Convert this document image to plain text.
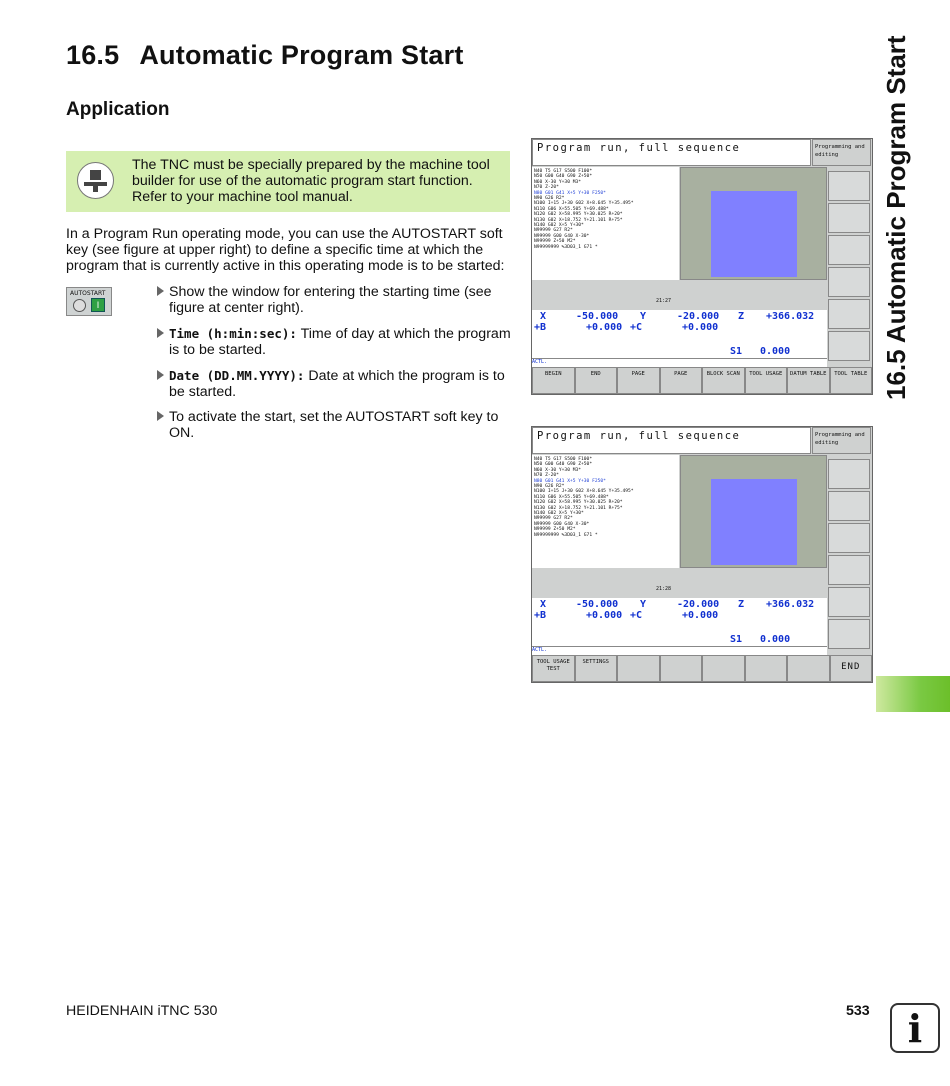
16.5 Automatic Program Start	16.5 Automatic Program Start
Application
The TNC must be specially prepared by the machine tool builder for use of the automatic program start function. Refer to your machine tool manual.
In a Program Run operating mode, you can use the AUTOSTART soft key (see figure at upper right) to define a specific time at which the program that is currently active in this operating mode is to be started:
AUTOSTART
I
Show the window for entering the starting time (see figure at center right).
Time (h:min:sec): Time of day at which the program is to be started.
Date (DD.MM.YYYY): Date at which the program is to be started.
To activate the start, set the AUTOSTART soft key to ON.
Program run, full sequence	Programming and editing
N40 T5 G17 S500 F100*
N50 G00 G40 G90 Z+50*
N60 X-30 Y+30 M3*
N70 Z-20*
N80 G01 G41 X+5 Y+30 F250*
N90 G26 R2*
N100 I+15 J+30 G02 X+8.645 Y+35.495*
N110 G06 X+55.505 Y+69.488*
N120 G02 X+58.995 Y+30.025 R+20*
N130 G02 X+18.752 Y+21.101 R+75*
N140 G02 X+5 Y+30*
N99999 G27 R2*
N99999 G00 G40 X-30*
N99999 Z+50 M2*
N99999999 %3D03_1 G71 *
21:27
X	-50.000 Y	-20.000 Z +366.032
+B	+0.000 +C	+0.000
S1 0.000
ACTL.
BEGIN	END	PAGE	PAGE	BLOCK SCAN	TOOL USAGE	DATUM TABLE	TOOL TABLE
Program run, full sequence	Programming and editing
N40 T5 G17 S500 F100*
N50 G00 G40 G90 Z+50*
N60 X-30 Y+30 M3*
N70 Z-20*
N80 G01 G41 X+5 Y+30 F250*
N90 G26 R2*
N100 I+15 J+30 G02 X+8.645 Y+35.495*
N110 G06 X+55.505 Y+69.488*
N120 G02 X+58.995 Y+30.025 R+20*
N130 G02 X+18.752 Y+21.101 R+75*
N140 G02 X+5 Y+30*
N99999 G27 R2*
N99999 G00 G40 X-30*
N99999 Z+50 M2*
N99999999 %3D03_1 G71 *
21:28
X	-50.000 Y	-20.000 Z +366.032
+B	+0.000 +C	+0.000
S1 0.000
ACTL.
TOOL USAGE TEST
SETTINGS	END
HEIDENHAIN iTNC 530	533	i
